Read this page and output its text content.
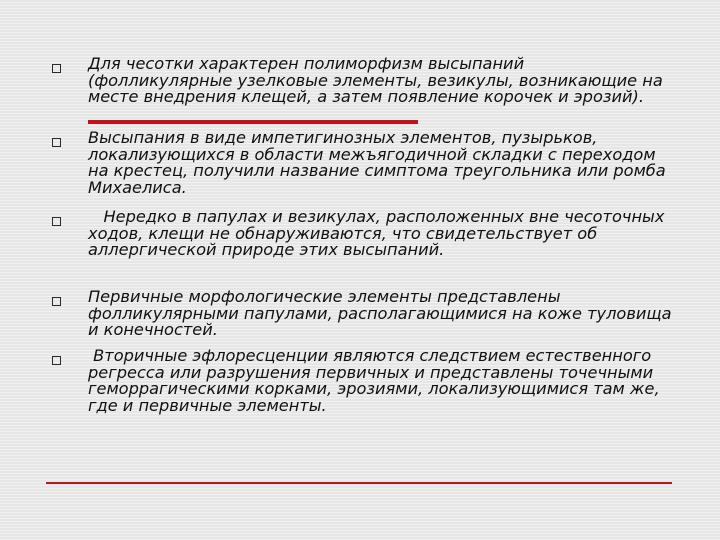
Для чесотки характерен полиморфизм высыпаний (фолликулярные узелковые элементы, везикулы, возникающие на месте внедрения клещей, а затем появление корочек и эрозий).

Высыпания в виде импетигинозных элементов, пузырьков, локализующихся в области межъягодичной складки с переходом на крестец, получили название симптома треугольника или ромба Михаелиса.

Нередко в папулах и везикулах, расположенных вне чесоточных ходов, клещи не обнаруживаются, что свидетельствует об аллергической природе этих высыпаний.

Первичные морфологические элементы представлены фолликулярными папулами, располагающимися на коже туловища и конечностей.

Вторичные эфлоресценции являются следствием естественного регресса или разрушения первичных и представлены точечными геморрагическими корками, эрозиями, локализующимися там же, где и первичные элементы.
